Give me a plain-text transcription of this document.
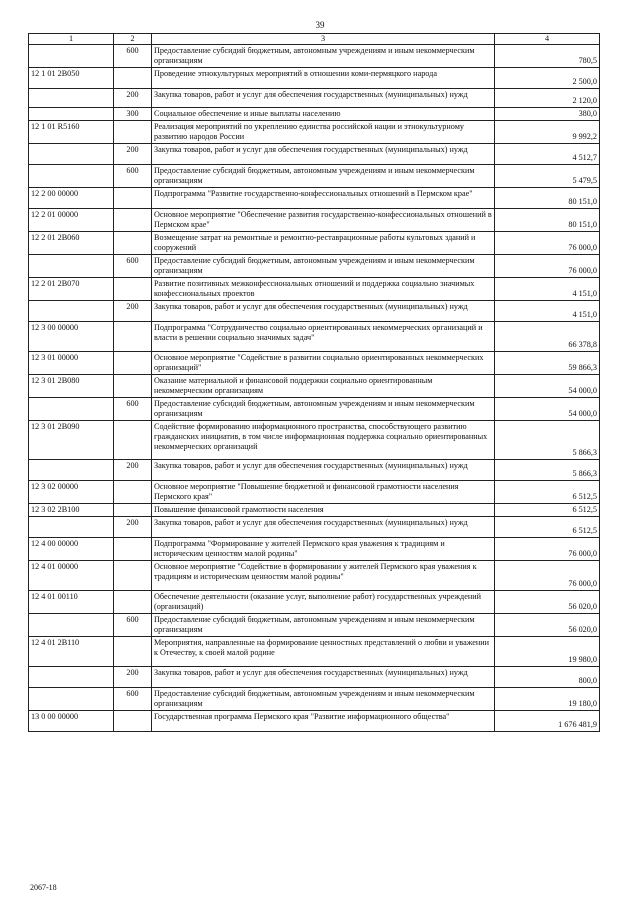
39
1	2	3	4
	600	Предоставление субсидий бюджетным, автономным учреждениям и иным некоммерческим организациям	780,5
12 1 01 2В050		Проведение этнокультурных мероприятий в отношении коми-пермяцкого народа	2 500,0
	200	Закупка товаров, работ и услуг для обеспечения государственных (муниципальных) нужд	2 120,0
	300	Социальное обеспечение и иные выплаты населению	380,0
12 1 01 R5160		Реализация мероприятий по укреплению единства российской нации и этнокультурному развитию народов России	9 992,2
	200	Закупка товаров, работ и услуг для обеспечения государственных (муниципальных) нужд	4 512,7
	600	Предоставление субсидий бюджетным, автономным учреждениям и иным некоммерческим организациям	5 479,5
12 2 00 00000		Подпрограмма "Развитие государственно-конфессиональных отношений в Пермском крае"	80 151,0
12 2 01 00000		Основное мероприятие "Обеспечение развития государственно-конфессиональных отношений в Пермском крае"	80 151,0
12 2 01 2В060		Возмещение затрат на ремонтные и ремонтно-реставрационные работы культовых зданий и сооружений	76 000,0
	600	Предоставление субсидий бюджетным, автономным учреждениям и иным некоммерческим организациям	76 000,0
12 2 01 2В070		Развитие позитивных межконфессиональных отношений и поддержка социально значимых конфессиональных проектов	4 151,0
	200	Закупка товаров, работ и услуг для обеспечения государственных (муниципальных) нужд	4 151,0
12 3 00 00000		Подпрограмма "Сотрудничество социально ориентированных некоммерческих организаций и власти в решении социально значимых задач"	66 378,8
12 3 01 00000		Основное мероприятие "Содействие в развитии социально ориентированных некоммерческих организаций"	59 866,3
12 3 01 2В080		Оказание материальной и финансовой поддержки социально ориентированным некоммерческим организациям	54 000,0
	600	Предоставление субсидий бюджетным, автономным учреждениям и иным некоммерческим организациям	54 000,0
12 3 01 2В090		Содействие формированию информационного пространства, способствующего развитию гражданских инициатив, в том числе информационная поддержка социально ориентированных некоммерческих организаций	5 866,3
	200	Закупка товаров, работ и услуг для обеспечения государственных (муниципальных) нужд	5 866,3
12 3 02 00000		Основное мероприятие "Повышение бюджетной и финансовой грамотности населения Пермского края"	6 512,5
12 3 02 2В100		Повышение финансовой грамотности населения	6 512,5
	200	Закупка товаров, работ и услуг для обеспечения государственных (муниципальных) нужд	6 512,5
12 4 00 00000		Подпрограмма "Формирование у жителей Пермского края уважения к традициям и историческим ценностям малой родины"	76 000,0
12 4 01 00000		Основное мероприятие "Содействие в формировании у жителей Пермского края уважения к традициям и историческим ценностям малой родины"	76 000,0
12 4 01 00110		Обеспечение деятельности (оказание услуг, выполнение работ) государственных учреждений (организаций)	56 020,0
	600	Предоставление субсидий бюджетным, автономным учреждениям и иным некоммерческим организациям	56 020,0
12 4 01 2В110		Мероприятия, направленные на формирование ценностных представлений о любви и уважении к Отечеству, к своей малой родине	19 980,0
	200	Закупка товаров, работ и услуг для обеспечения государственных (муниципальных) нужд	800,0
	600	Предоставление субсидий бюджетным, автономным учреждениям и иным некоммерческим организациям	19 180,0
13 0 00 00000		Государственная программа Пермского края "Развитие информационного общества"	1 676 481,9
2067-18
